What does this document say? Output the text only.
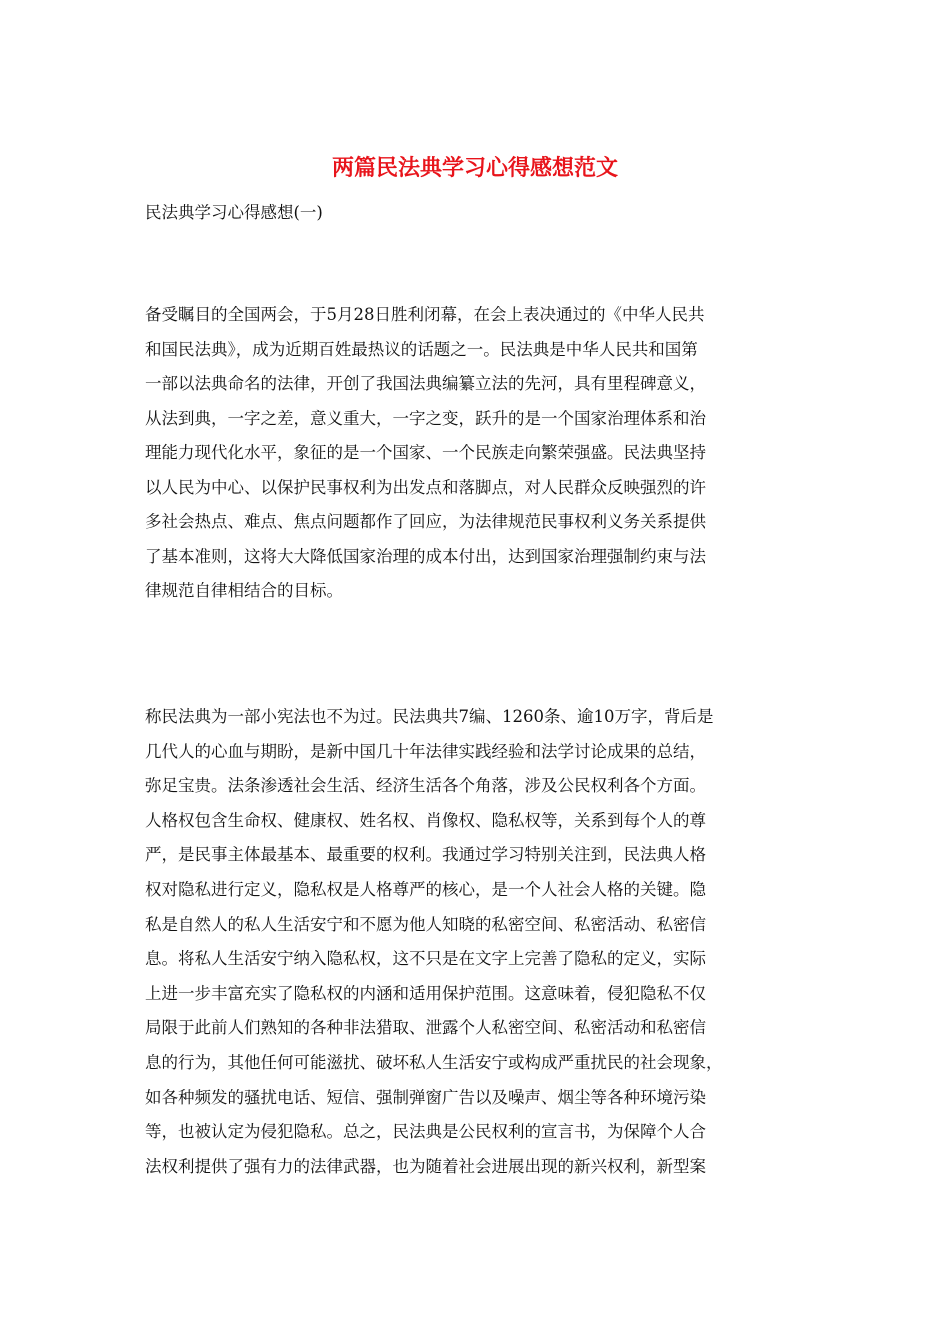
两篇民法典学习心得感想范文

民法典学习心得感想(一)

备受瞩目的全国两会，于5月28日胜利闭幕，在会上表决通过的《中华人民共
和国民法典》，成为近期百姓最热议的话题之一。民法典是中华人民共和国第
一部以法典命名的法律，开创了我国法典编纂立法的先河，具有里程碑意义，
从法到典，一字之差，意义重大，一字之变，跃升的是一个国家治理体系和治
理能力现代化水平，象征的是一个国家、一个民族走向繁荣强盛。民法典坚持
以人民为中心、以保护民事权利为出发点和落脚点，对人民群众反映强烈的许
多社会热点、难点、焦点问题都作了回应，为法律规范民事权利义务关系提供
了基本准则，这将大大降低国家治理的成本付出，达到国家治理强制约束与法
律规范自律相结合的目标。
称民法典为一部小宪法也不为过。民法典共7编、1260条、逾10万字，背后是
几代人的心血与期盼，是新中国几十年法律实践经验和法学讨论成果的总结，
弥足宝贵。法条渗透社会生活、经济生活各个角落，涉及公民权利各个方面。
人格权包含生命权、健康权、姓名权、肖像权、隐私权等，关系到每个人的尊
严，是民事主体最基本、最重要的权利。我通过学习特别关注到，民法典人格
权对隐私进行定义，隐私权是人格尊严的核心，是一个人社会人格的关键。隐
私是自然人的私人生活安宁和不愿为他人知晓的私密空间、私密活动、私密信
息。将私人生活安宁纳入隐私权，这不只是在文字上完善了隐私的定义，实际
上进一步丰富充实了隐私权的内涵和适用保护范围。这意味着，侵犯隐私不仅
局限于此前人们熟知的各种非法猎取、泄露个人私密空间、私密活动和私密信
息的行为，其他任何可能滋扰、破坏私人生活安宁或构成严重扰民的社会现象，
如各种频发的骚扰电话、短信、强制弹窗广告以及噪声、烟尘等各种环境污染
等，也被认定为侵犯隐私。总之，民法典是公民权利的宣言书，为保障个人合
法权利提供了强有力的法律武器，也为随着社会进展出现的新兴权利，新型案
